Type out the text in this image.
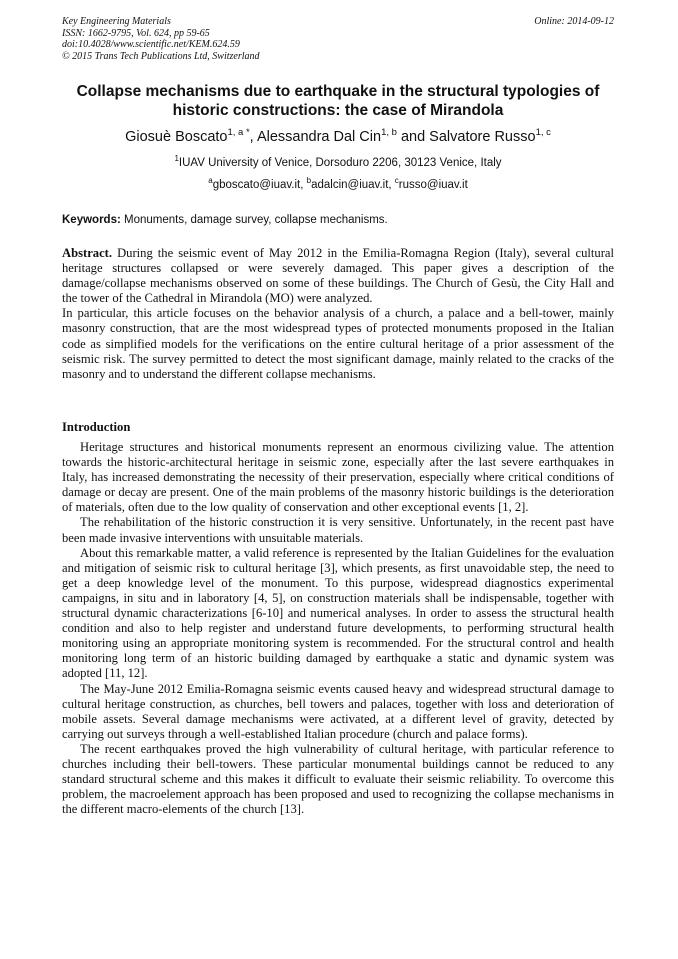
Key Engineering Materials
ISSN: 1662-9795, Vol. 624, pp 59-65
doi:10.4028/www.scientific.net/KEM.624.59
© 2015 Trans Tech Publications Ltd, Switzerland
Online: 2014-09-12
Collapse mechanisms due to earthquake in the structural typologies of historic constructions: the case of Mirandola
Giosuè Boscato$^{1, a *}$, Alessandra Dal Cin$^{1, b}$ and Salvatore Russo$^{1, c}$
$^1$IUAV University of Venice, Dorsoduro 2206, 30123 Venice, Italy
$^a$gboscato@iuav.it, $^b$adalcin@iuav.it, $^c$russo@iuav.it
Keywords: Monuments, damage survey, collapse mechanisms.

Abstract. During the seismic event of May 2012 in the Emilia-Romagna Region (Italy), several cultural heritage structures collapsed or were severely damaged. This paper gives a description of the damage/collapse mechanisms observed on some of these buildings. The Church of Gesù, the City Hall and the tower of the Cathedral in Mirandola (MO) were analyzed.

In particular, this article focuses on the behavior analysis of a church, a palace and a bell-tower, mainly masonry construction, that are the most widespread types of protected monuments proposed in the Italian code as simplified models for the verifications on the entire cultural heritage of a prior assessment of the seismic risk. The survey permitted to detect the most significant damage, mainly related to the cracks of the masonry and to understand the different collapse mechanisms.

Introduction

Heritage structures and historical monuments represent an enormous civilizing value. The attention towards the historic-architectural heritage in seismic zone, especially after the last severe earthquakes in Italy, has increased demonstrating the necessity of their preservation, especially where critical conditions of damage or decay are present. One of the main problems of the masonry historic buildings is the deterioration of materials, often due to the low quality of conservation and other exceptional events [1, 2].

The rehabilitation of the historic construction it is very sensitive. Unfortunately, in the recent past have been made invasive interventions with unsuitable materials.

About this remarkable matter, a valid reference is represented by the Italian Guidelines for the evaluation and mitigation of seismic risk to cultural heritage [3], which presents, as first unavoidable step, the need to get a deep knowledge level of the monument. To this purpose, widespread diagnostics experimental campaigns, in situ and in laboratory [4, 5], on construction materials shall be indispensable, together with structural dynamic characterizations [6-10] and numerical analyses. In order to assess the structural health condition and also to help register and understand future developments, to performing structural health monitoring using an appropriate monitoring system is recommended. For the structural control and health monitoring long term of an historic building damaged by earthquake a static and dynamic system was adopted [11, 12].

The May-June 2012 Emilia-Romagna seismic events caused heavy and widespread structural damage to cultural heritage construction, as churches, bell towers and palaces, together with loss and deterioration of mobile assets. Several damage mechanisms were activated, at a different level of gravity, detected by carrying out surveys through a well-established Italian procedure (church and palace forms).

The recent earthquakes proved the high vulnerability of cultural heritage, with particular reference to churches including their bell-towers. These particular monumental buildings cannot be reduced to any standard structural scheme and this makes it difficult to evaluate their seismic reliability. To overcome this problem, the macroelement approach has been proposed and used to recognizing the collapse mechanisms in the different macro-elements of the church [13].
